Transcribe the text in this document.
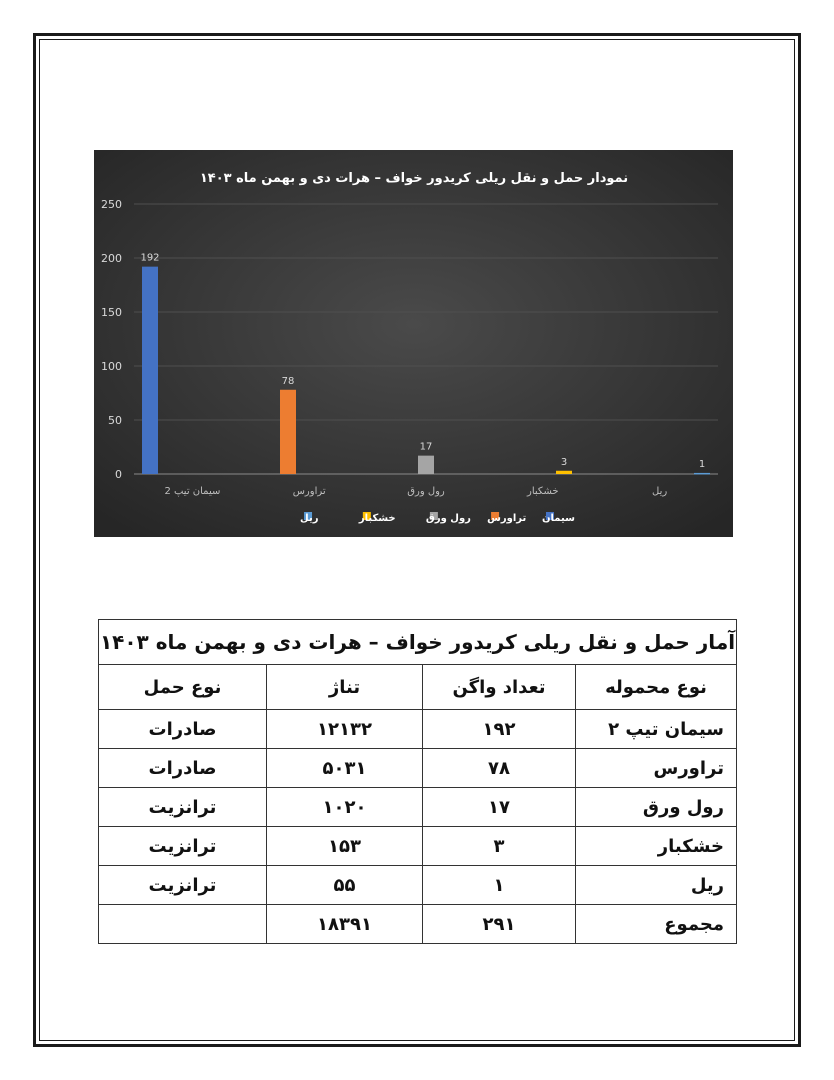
نمودار حمل و نقل ریلی کریدور خواف – هرات دی و بهمن ماه ۱۴۰۳
0
50
100
150
200
250
192
78
17
3	1
سیمان تیپ 2	تراورس	رول ورق	خشکبار	ریل
سیمان
تراورس
رول ورق
خشکبار
ریل
آمار حمل و نقل ریلی کریدور خواف – هرات دی و بهمن ماه ۱۴۰۳			
نوع محموله	تعداد واگن	تناژ	نوع حمل
سیمان تیپ ۲	۱۹۲	۱۲۱۳۲	صادرات
تراورس	۷۸	۵۰۳۱	صادرات
رول ورق	۱۷	۱۰۲۰	ترانزیت
خشکبار	۳	۱۵۳	ترانزیت
ریل	۱	۵۵	ترانزیت
مجموع	۲۹۱	۱۸۳۹۱	
